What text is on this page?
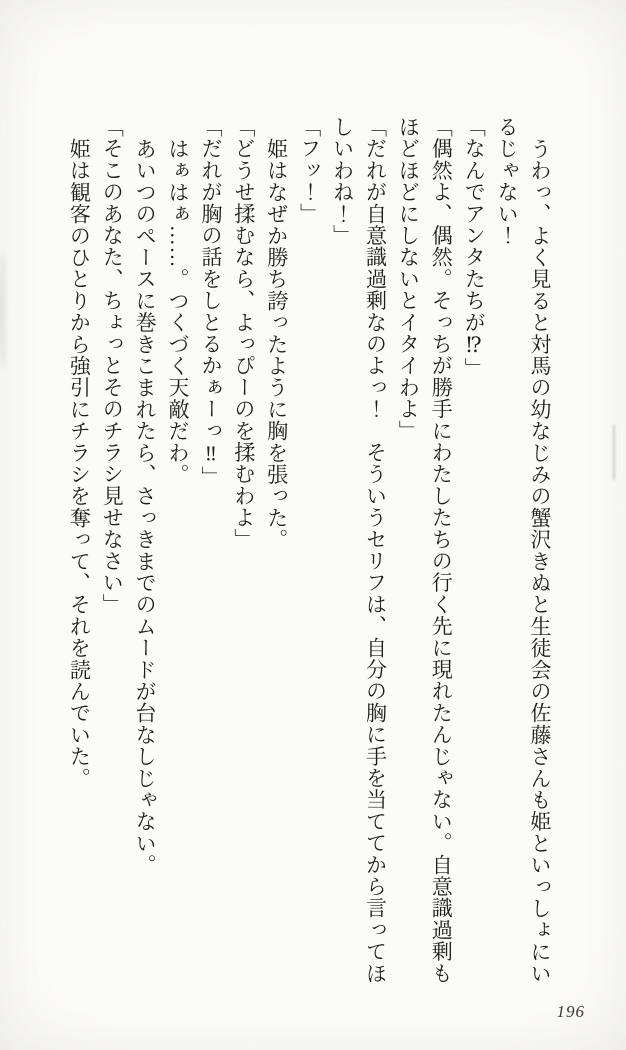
うわっ、よく見ると対馬の幼なじみの蟹沢きぬと生徒会の佐藤さんも姫といっしょにい

るじゃない！

「なんでアンタたちが⁉」

「偶然よ、偶然。そっちが勝手にわたしたちの行く先に現れたんじゃない。自意識過剰も

ほどほどにしないとイタイわよ」

「だれが自意識過剰なのよっ！　そういうセリフは、自分の胸に手を当ててから言ってほ

しいわね！」

「フッ！」

姫はなぜか勝ち誇ったように胸を張った。

「どうせ揉むなら、よっぴーのを揉むわよ」

「だれが胸の話をしとるかぁーっ‼」

はぁはぁ……。つくづく天敵だわ。

あいつのペースに巻きこまれたら、さっきまでのムードが台なしじゃない。

「そこのあなた、ちょっとそのチラシ見せなさい」

姫は観客のひとりから強引にチラシを奪って、それを読んでいた。

196
